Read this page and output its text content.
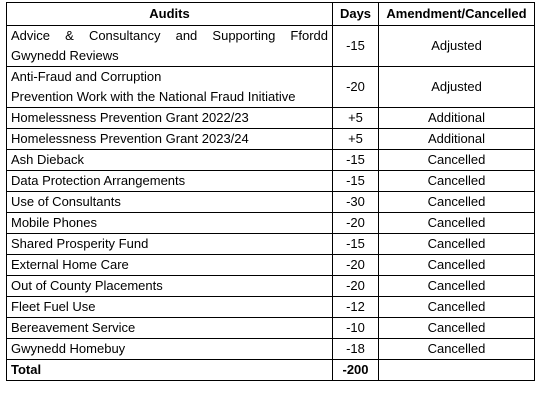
Audits	Days	Amendment/Cancelled
Advice & Consultancy and Supporting Ffordd Gwynedd Reviews	-15	Adjusted
Anti-Fraud and Corruption
Prevention Work with the National Fraud Initiative	-20	Adjusted
Homelessness Prevention Grant 2022/23	+5	Additional
Homelessness Prevention Grant 2023/24	+5	Additional
Ash Dieback	-15	Cancelled
Data Protection Arrangements	-15	Cancelled
Use of Consultants	-30	Cancelled
Mobile Phones	-20	Cancelled
Shared Prosperity Fund	-15	Cancelled
External Home Care	-20	Cancelled
Out of County Placements	-20	Cancelled
Fleet Fuel Use	-12	Cancelled
Bereavement Service	-10	Cancelled
Gwynedd Homebuy	-18	Cancelled
Total	-200	
